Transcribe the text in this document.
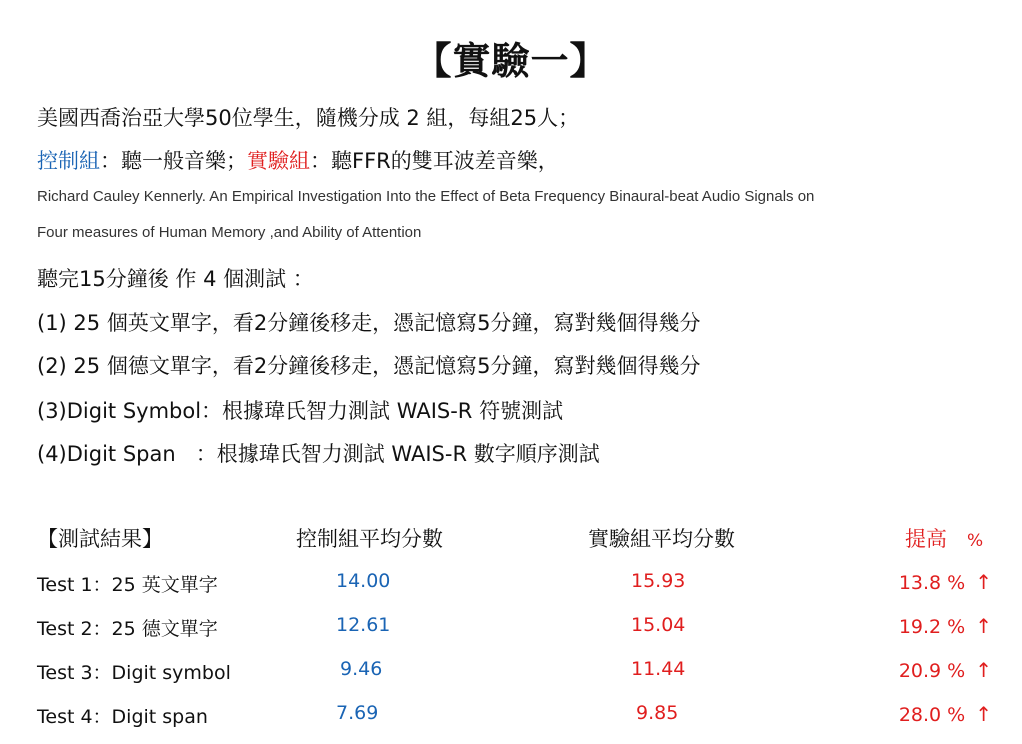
【實驗一】
美國西喬治亞大學50位學生，隨機分成 2 組，每組25人；
控制組：聽一般音樂；實驗組：聽FFR的雙耳波差音樂，
Richard Cauley Kennerly. An Empirical Investigation Into the Effect of Beta Frequency Binaural-beat Audio Signals on
Four measures of Human Memory ,and Ability of Attention
聽完15分鐘後 作 4 個測試 ：
(1) 25 個英文單字，看2分鐘後移走，憑記憶寫5分鐘，寫對幾個得幾分
(2) 25 個德文單字，看2分鐘後移走，憑記憶寫5分鐘，寫對幾個得幾分
(3)Digit Symbol：根據瑋氏智力測試 WAIS-R 符號測試
(4)Digit Span   ：根據瑋氏智力測試 WAIS-R 數字順序測試
【測試結果】	控制組平均分數	實驗組平均分數	提高 %
Test 1：25 英文單字	14.00	15.93	13.8 % ↑
Test 2：25 德文單字	12.61	15.04	19.2 % ↑
Test 3：Digit symbol	9.46	11.44	20.9 % ↑
Test 4：Digit span	7.69	9.85	28.0 % ↑
